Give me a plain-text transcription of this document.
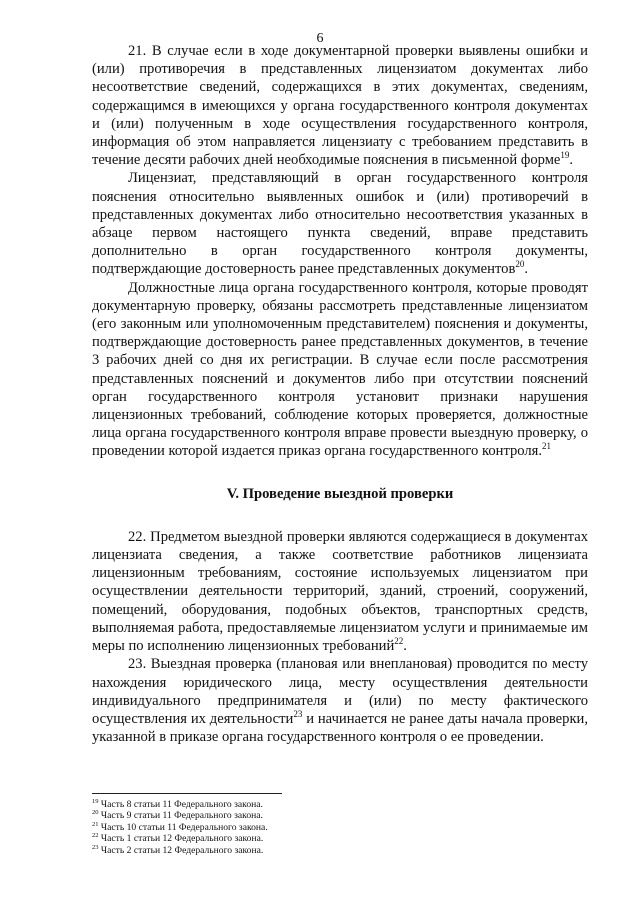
6

21. В случае если в ходе документарной проверки выявлены ошибки и (или) противоречия в представленных лицензиатом документах либо несоответствие сведений, содержащихся в этих документах, сведениям, содержащимся в имеющихся у органа государственного контроля документах и (или) полученным в ходе осуществления государственного контроля, информация об этом направляется лицензиату с требованием представить в течение десяти рабочих дней необходимые пояснения в письменной форме$^{19}$.

Лицензиат, представляющий в орган государственного контроля пояснения относительно выявленных ошибок и (или) противоречий в представленных документах либо относительно несоответствия указанных в абзаце первом настоящего пункта сведений, вправе представить дополнительно в орган государственного контроля документы, подтверждающие достоверность ранее представленных документов$^{20}$.

Должностные лица органа государственного контроля, которые проводят документарную проверку, обязаны рассмотреть представленные лицензиатом (его законным или уполномоченным представителем) пояснения и документы, подтверждающие достоверность ранее представленных документов, в течение 3 рабочих дней со дня их регистрации. В случае если после рассмотрения представленных пояснений и документов либо при отсутствии пояснений орган государственного контроля установит признаки нарушения лицензионных требований, соблюдение которых проверяется, должностные лица органа государственного контроля вправе провести выездную проверку, о проведении которой издается приказ органа государственного контроля.$^{21}$

V. Проведение выездной проверки

22. Предметом выездной проверки являются содержащиеся в документах лицензиата сведения, а также соответствие работников лицензиата лицензионным требованиям, состояние используемых лицензиатом при осуществлении деятельности территорий, зданий, строений, сооружений, помещений, оборудования, подобных объектов, транспортных средств, выполняемая работа, предоставляемые лицензиатом услуги и принимаемые им меры по исполнению лицензионных требований$^{22}$.

23. Выездная проверка (плановая или внеплановая) проводится по месту нахождения юридического лица, месту осуществления деятельности индивидуального предпринимателя и (или) по месту фактического осуществления их деятельности$^{23}$ и начинается не ранее даты начала проверки, указанной в приказе органа государственного контроля о ее проведении.

$^{19}$ Часть 8 статьи 11 Федерального закона.
$^{20}$ Часть 9 статьи 11 Федерального закона.
$^{21}$ Часть 10 статьи 11 Федерального закона.
$^{22}$ Часть 1 статьи 12 Федерального закона.
$^{23}$ Часть 2 статьи 12 Федерального закона.
